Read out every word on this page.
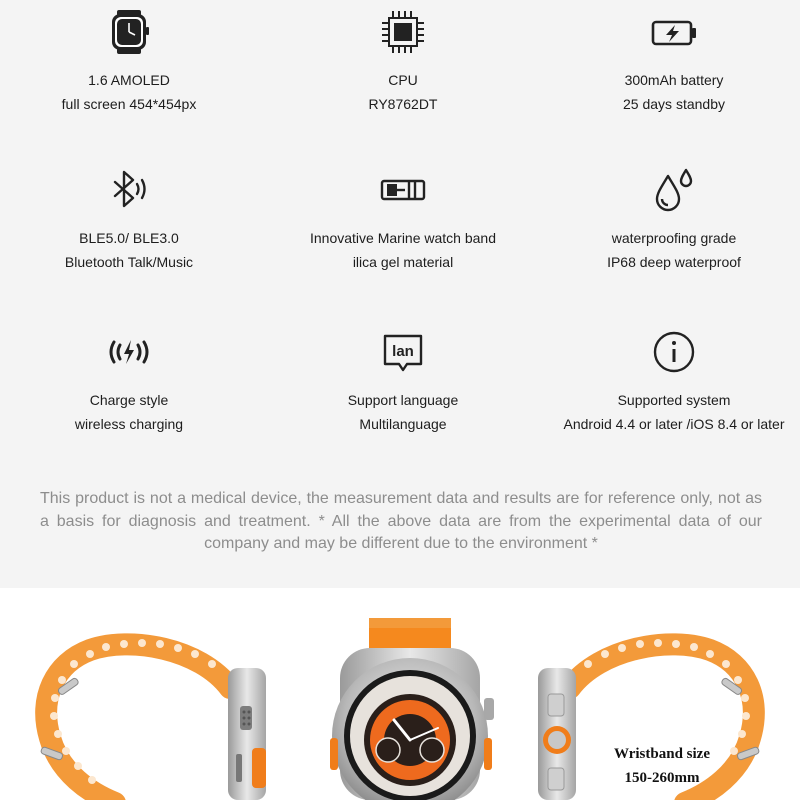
1.6 AMOLED
full screen 454*454px
CPU
RY8762DT
300mAh battery
25 days standby
BLE5.0/ BLE3.0
Bluetooth Talk/Music
Innovative Marine watch band
ilica gel material
waterproofing grade
IP68 deep waterproof
Charge style
wireless charging
lan
Support language
Multilanguage
Supported system
Android 4.4 or later /iOS 8.4 or later
This product is not a medical device, the measurement data and results are for reference only, not as a basis for diagnosis and treatment. * All the above data are from the experimental data of our company and may be different due to the environment *
Wristband size
150-260mm
